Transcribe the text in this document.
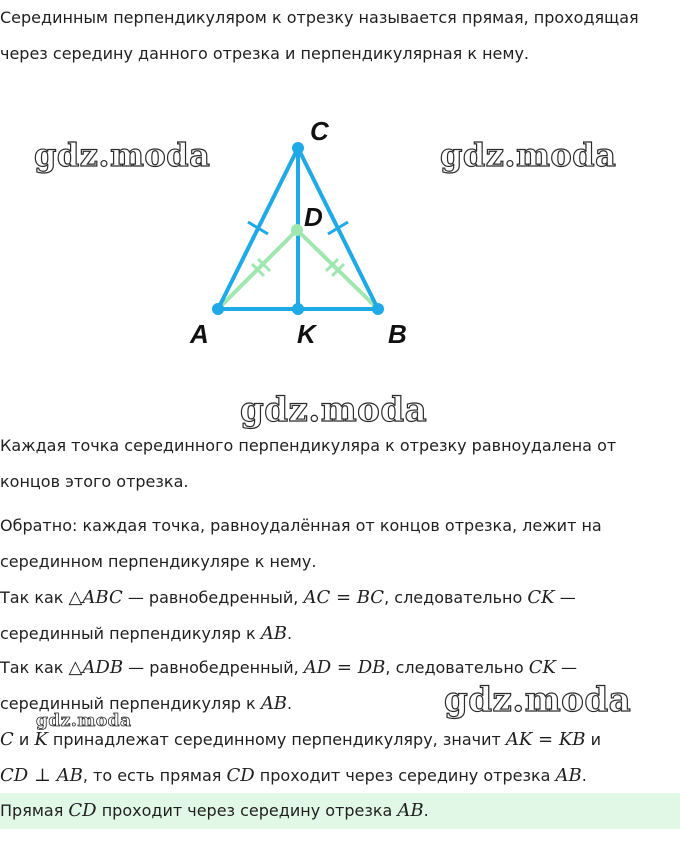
Серединным перпендикуляром к отрезку называется прямая, проходящая
через середину данного отрезка и перпендикулярная к нему.

gdz.moda	gdz.moda
gdz.moda
gdz.moda
gdz.moda
C
D
A	K	B

Каждая точка серединного перпендикуляра к отрезку равноудалена от
концов этого отрезка.

Обратно: каждая точка, равноудалённая от концов отрезка, лежит на
серединном перпендикуляре к нему.

Так как △ABC — равнобедренный, AC = BC, следовательно CK —
серединный перпендикуляр к AB.

Так как △ADB — равнобедренный, AD = DB, следовательно CK —
серединный перпендикуляр к AB.

C и K принадлежат серединному перпендикуляру, значит AK = KB и
CD ⊥ AB, то есть прямая CD проходит через середину отрезка AB.

Прямая CD проходит через середину отрезка AB.
